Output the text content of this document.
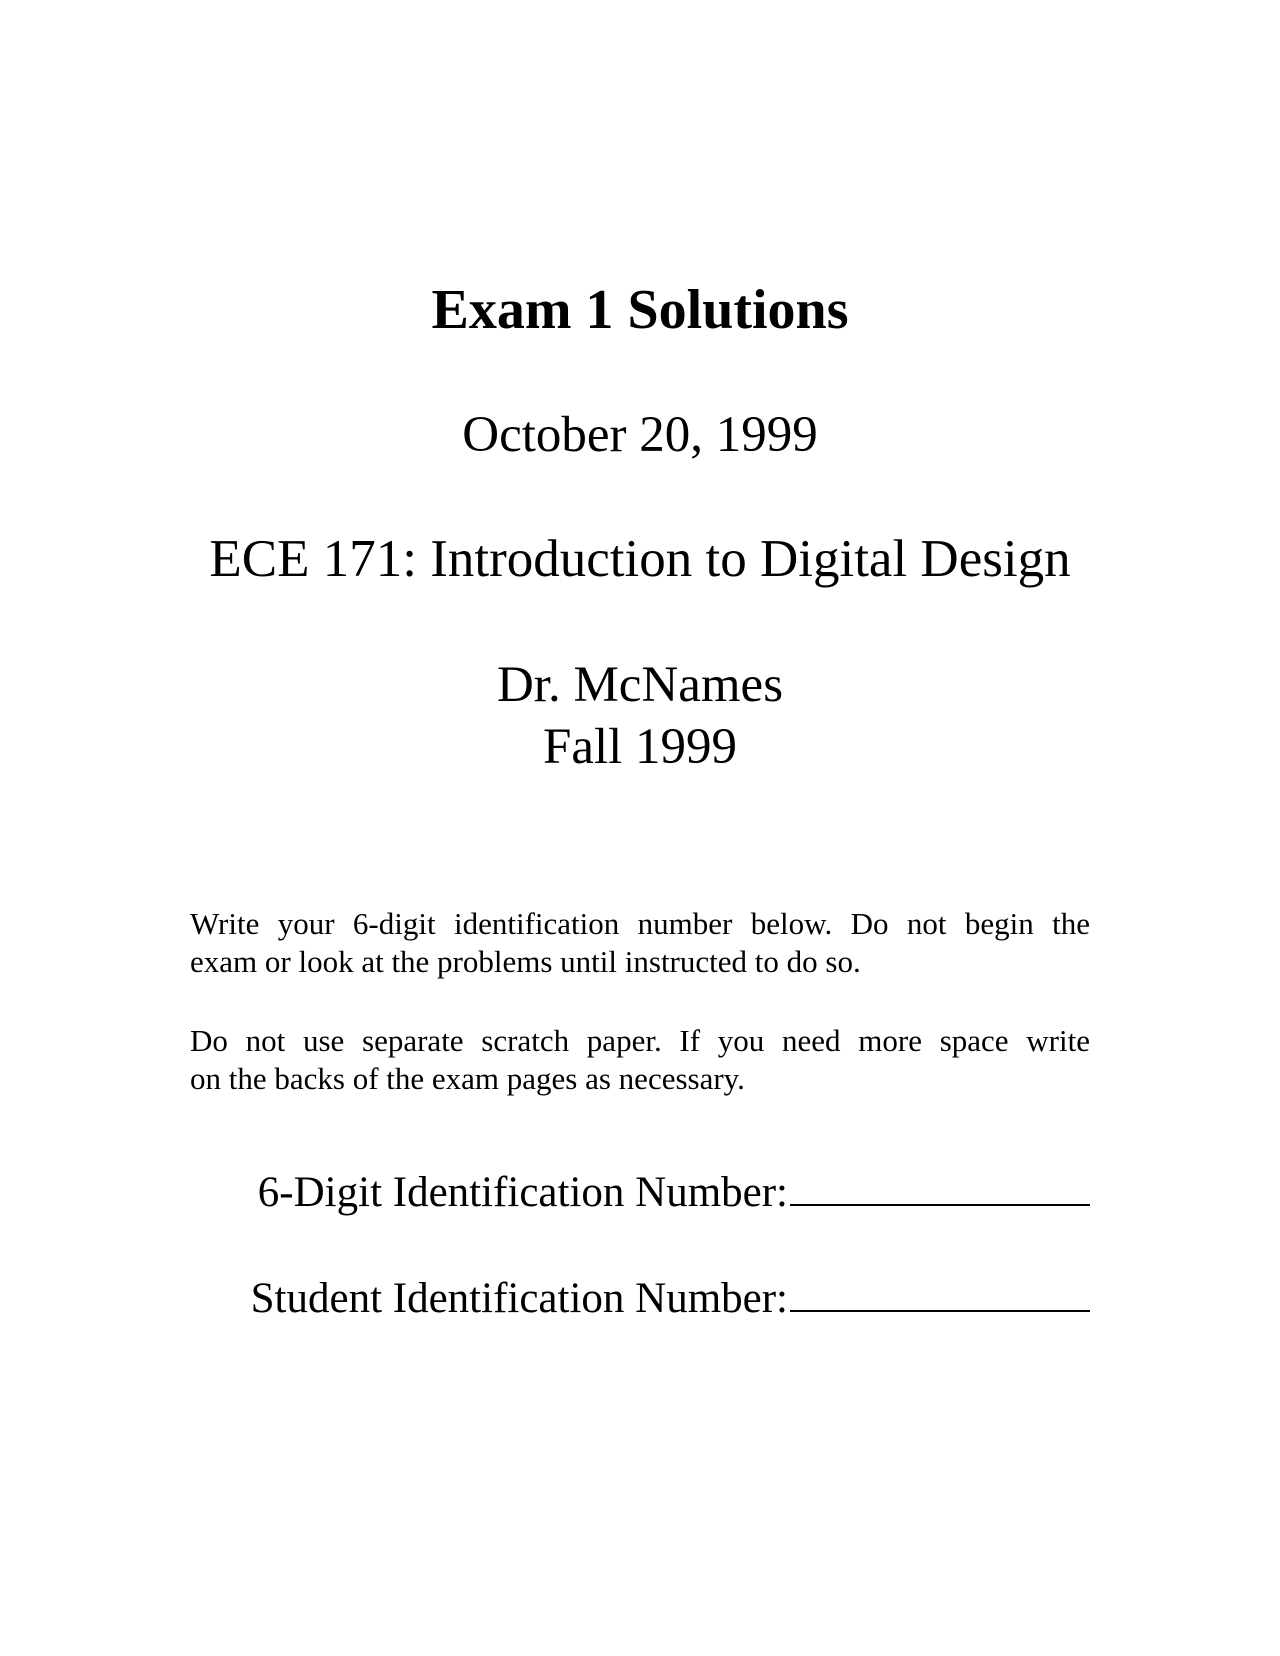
Exam 1 Solutions
October 20, 1999
ECE 171: Introduction to Digital Design
Dr. McNames
Fall 1999
Write your 6-digit identification number below. Do not begin the
exam or look at the problems until instructed to do so.
Do not use separate scratch paper. If you need more space write
on the backs of the exam pages as necessary.
6-Digit Identification Number:
Student Identification Number:
